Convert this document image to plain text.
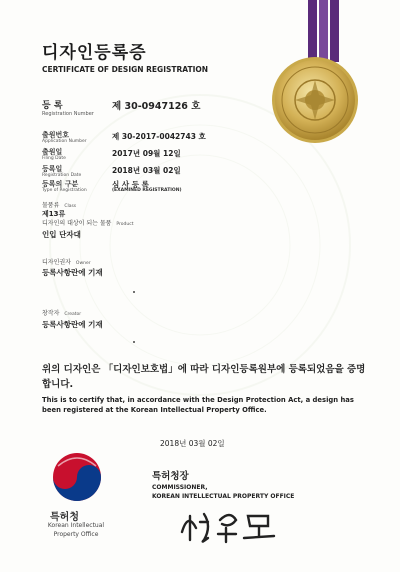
디자인등록증
CERTIFICATE OF DESIGN REGISTRATION
등 록
Registration Number
제 30-0947126 호
출원번호
Application Number
제 30-2017-0042743 호
출원일
Filing Date
2017년 09월 12일
등록일
Registration Date
2018년 03월 02일
등록의 구분
Type of Registration
심 사 등 록
(EXAMINED REGISTRATION)
물품류 Class
제13류
디자인의 대상이 되는 물품 Product
인입 단자대
디자인권자 Owner
등록사항란에 기재
창작자 Creator
등록사항란에 기재
위의 디자인은 「디자인보호법」에 따라 디자인등록원부에 등록되었음을 증명합니다.
This is to certify that, in accordance with the Design Protection Act, a design has been registered at the Korean Intellectual Property Office.
2018년 03월 02일
특허청
Korean Intellectual
Property Office
특허청장
COMMISSIONER,
KOREAN INTELLECTUAL PROPERTY OFFICE
